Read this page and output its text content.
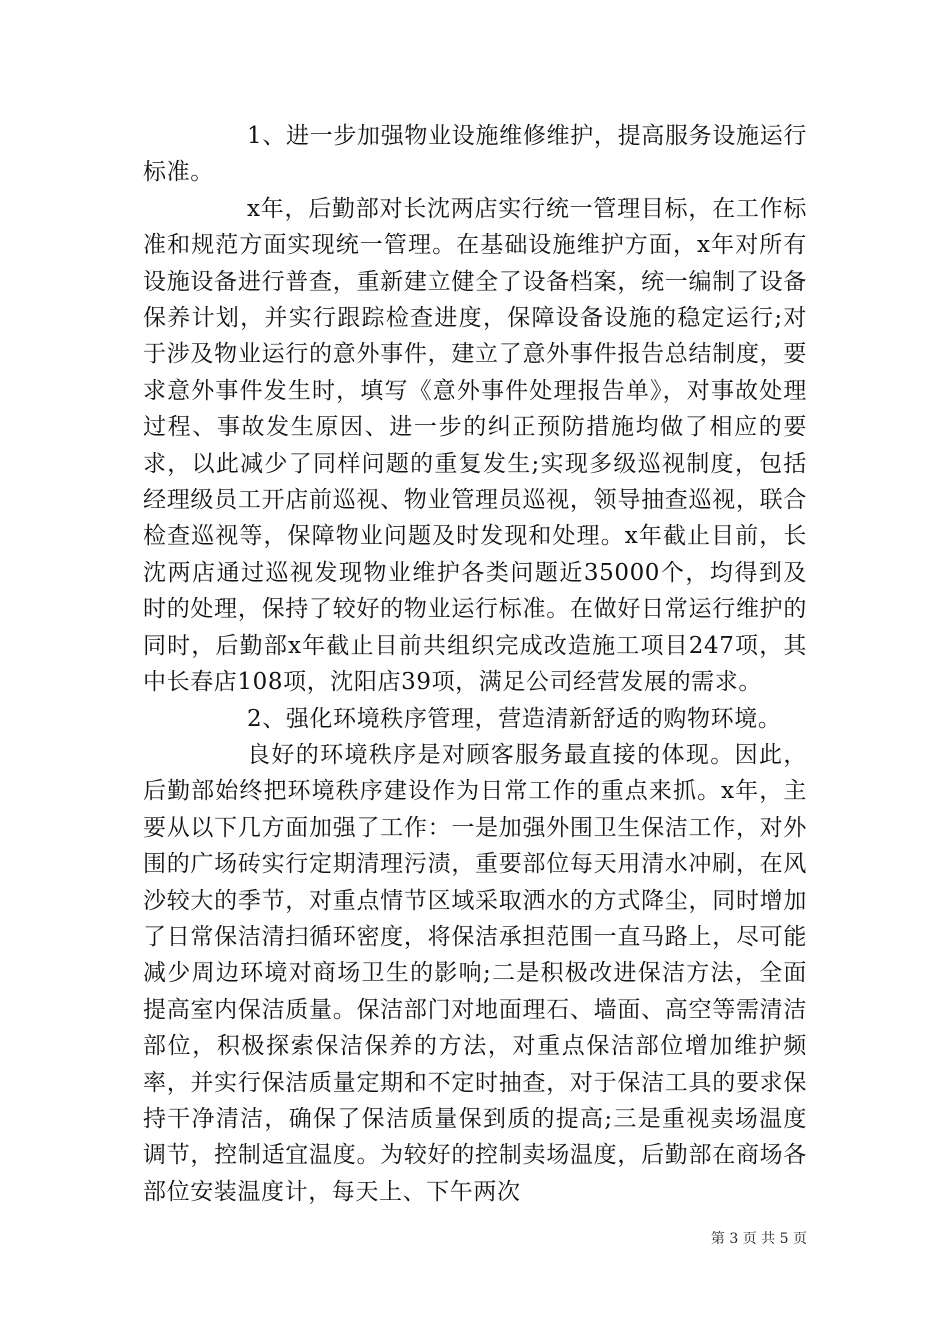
1、进一步加强物业设施维修维护，提高服务设施运行标准。

x年，后勤部对长沈两店实行统一管理目标，在工作标准和规范方面实现统一管理。在基础设施维护方面，x年对所有设施设备进行普查，重新建立健全了设备档案，统一编制了设备保养计划，并实行跟踪检查进度，保障设备设施的稳定运行;对于涉及物业运行的意外事件，建立了意外事件报告总结制度，要求意外事件发生时，填写《意外事件处理报告单》，对事故处理过程、事故发生原因、进一步的纠正预防措施均做了相应的要求，以此减少了同样问题的重复发生;实现多级巡视制度，包括经理级员工开店前巡视、物业管理员巡视，领导抽查巡视，联合检查巡视等，保障物业问题及时发现和处理。x年截止目前，长沈两店通过巡视发现物业维护各类问题近35000个，均得到及时的处理，保持了较好的物业运行标准。在做好日常运行维护的同时，后勤部x年截止目前共组织完成改造施工项目247项，其中长春店108项，沈阳店39项，满足公司经营发展的需求。

2、强化环境秩序管理，营造清新舒适的购物环境。

良好的环境秩序是对顾客服务最直接的体现。因此，后勤部始终把环境秩序建设作为日常工作的重点来抓。x年，主要从以下几方面加强了工作：一是加强外围卫生保洁工作，对外围的广场砖实行定期清理污渍，重要部位每天用清水冲刷，在风沙较大的季节，对重点情节区域采取洒水的方式降尘，同时增加了日常保洁清扫循环密度，将保洁承担范围一直马路上，尽可能减少周边环境对商场卫生的影响;二是积极改进保洁方法，全面提高室内保洁质量。保洁部门对地面理石、墙面、高空等需清洁部位，积极探索保洁保养的方法，对重点保洁部位增加维护频率，并实行保洁质量定期和不定时抽查，对于保洁工具的要求保持干净清洁，确保了保洁质量保到质的提高;三是重视卖场温度调节，控制适宜温度。为较好的控制卖场温度，后勤部在商场各部位安装温度计，每天上、下午两次

第 3 页 共 5 页
